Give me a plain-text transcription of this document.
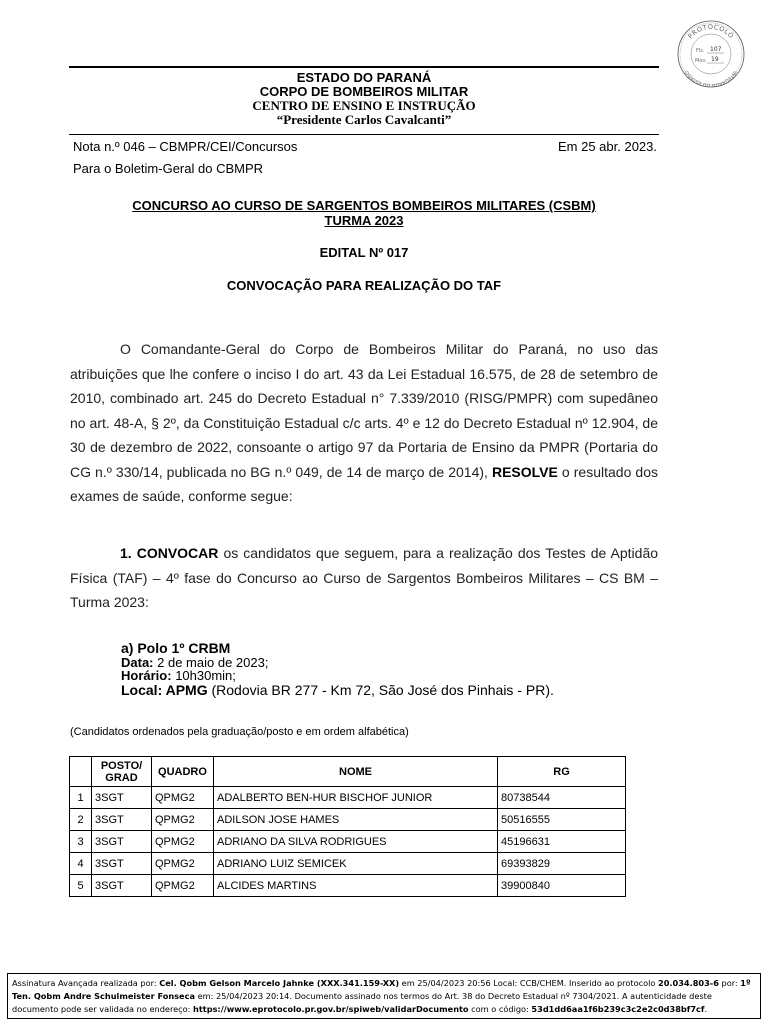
PROTOCOLO
INTEGRADO DO ESTADO
Fls. 107
Mov. 19
ESTADO DO PARANÁ
CORPO DE BOMBEIROS MILITAR
CENTRO DE ENSINO E INSTRUÇÃO
“Presidente Carlos Cavalcanti”
Nota n.º 046 – CBMPR/CEI/Concursos	Em 25 abr. 2023.
Para o Boletim-Geral do CBMPR
CONCURSO AO CURSO DE SARGENTOS BOMBEIROS MILITARES (CSBM)
TURMA 2023
EDITAL Nº 017
CONVOCAÇÃO PARA REALIZAÇÃO DO TAF
O Comandante-Geral do Corpo de Bombeiros Militar do Paraná, no uso das atribuições que lhe confere o inciso I do art. 43 da Lei Estadual 16.575, de 28 de setembro de 2010, combinado art. 245 do Decreto Estadual n° 7.339/2010 (RISG/PMPR) com supedâneo no art. 48-A, § 2º, da Constituição Estadual c/c arts. 4º e 12 do Decreto Estadual nº 12.904, de 30 de dezembro de 2022, consoante o artigo 97 da Portaria de Ensino da PMPR (Portaria do CG n.º 330/14, publicada no BG n.º 049, de 14 de março de 2014), RESOLVE o resultado dos exames de saúde, conforme segue:
1. CONVOCAR os candidatos que seguem, para a realização dos Testes de Aptidão Física (TAF) – 4º fase do Concurso ao Curso de Sargentos Bombeiros Militares – CS BM – Turma 2023:
a) Polo 1º CRBM
Data: 2 de maio de 2023;
Horário: 10h30min;
Local: APMG (Rodovia BR 277 - Km 72, São José dos Pinhais - PR).
(Candidatos ordenados pela graduação/posto e em ordem alfabética)
	POSTO/
GRAD	QUADRO	NOME	RG
1	3SGT	QPMG2	ADALBERTO BEN-HUR BISCHOF JUNIOR	80738544
2	3SGT	QPMG2	ADILSON JOSE HAMES	50516555
3	3SGT	QPMG2	ADRIANO DA SILVA RODRIGUES	45196631
4	3SGT	QPMG2	ADRIANO LUIZ SEMICEK	69393829
5	3SGT	QPMG2	ALCIDES MARTINS	39900840
Assinatura Avançada realizada por: Cel. Qobm Gelson Marcelo Jahnke (XXX.341.159-XX) em 25/04/2023 20:56 Local: CCB/CHEM. Inserido ao protocolo 20.034.803-6 por: 1º Ten. Qobm Andre Schulmeister Fonseca em: 25/04/2023 20:14. Documento assinado nos termos do Art. 38 do Decreto Estadual nº 7304/2021. A autenticidade deste documento pode ser validada no endereço: https://www.eprotocolo.pr.gov.br/spiweb/validarDocumento com o código: 53d1dd6aa1f6b239c3c2e2c0d38bf7cf.
